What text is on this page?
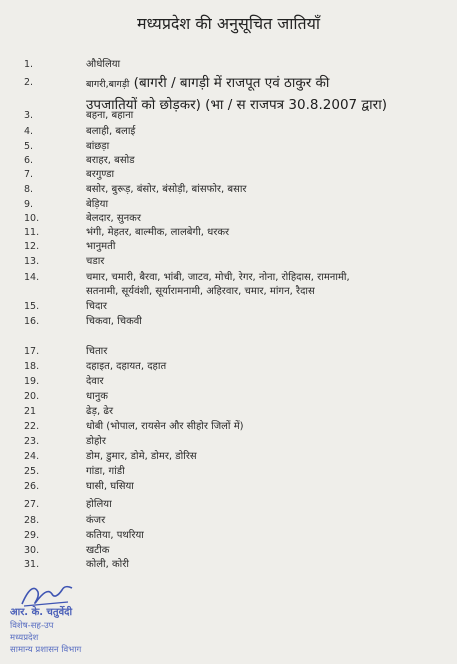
मध्यप्रदेश की अनुसूचित जातियाँ
1.	औधेलिया
2.	बागरी,बागड़ी (बागरी / बागड़ी में राजपूत एवं ठाकुर की
उपजातियों को छोड़कर) (भा / स राजपत्र 30.8.2007 द्वारा)
3.	बहना, बहाना
4.	बलाही, बलाई
5.	बांछड़ा
6.	बराहर, बसोड
7.	बरगुण्डा
8.	बसोर, बुरूड़, बंसोर, बंसोड़ी, बांसफोर, बसार
9.	बेड़िया
10.	बेलदार, सुनकर
11.	भंगी, मेहतर, बाल्मीक, लालबेगी, धरकर
12.	भानुमती
13.	चडार
14.	चमार, चमारी, बैरवा, भांबी, जाटव, मोची, रेगर, नोना, रोहिदास, रामनामी,
सतनामी, सूर्यवंशी, सूर्यारामनामी, अहिरवार, चमार, मांगन, रैदास
15.	चिदार
16.	चिकवा, चिकवी
17.	चितार
18.	दहाइत, दहायत, दहात
19.	देवार
20.	धानुक
21	ढेड़, ढेर
22.	धोबी (भोपाल, रायसेन और सीहोर जिलों में)
23.	डोहोर
24.	डोम, डुमार, डोमे, डोमर, डोरिस
25.	गांडा, गांडी
26.	घासी, घसिया
27.	होलिया
28.	कंजर
29.	कतिया, पथरिया
30.	खटीक
31.	कोली, कोरी
आर. के. चतुर्वेदी
विशेष-सह-उप
मध्यप्रदेश
सामान्य प्रशासन विभाग
